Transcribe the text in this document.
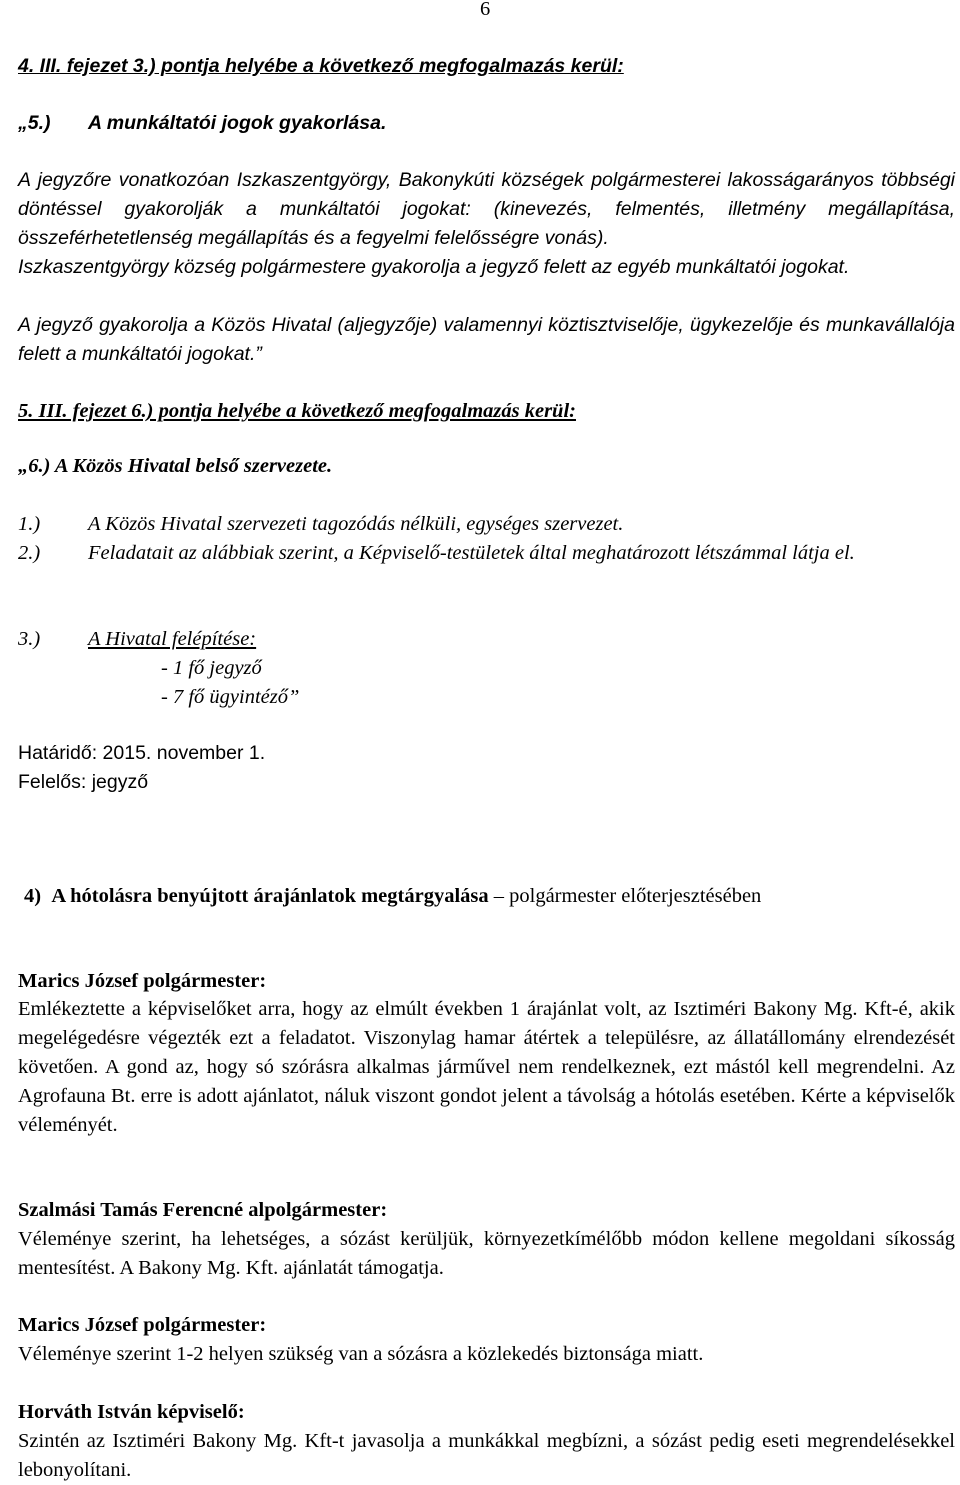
6
4. III. fejezet 3.) pontja helyébe a következő megfogalmazás kerül:
„5.) A munkáltatói jogok gyakorlása.

A jegyzőre vonatkozóan Iszkaszentgyörgy, Bakonykúti községek polgármesterei lakosságarányos többségi döntéssel gyakorolják a munkáltatói jogokat: (kinevezés, felmentés, illetmény megállapítása, összeférhetetlenség megállapítás és a fegyelmi felelősségre vonás).

Iszkaszentgyörgy község polgármestere gyakorolja a jegyző felett az egyéb munkáltatói jogokat.

A jegyző gyakorolja a Közös Hivatal (aljegyzője) valamennyi köztisztviselője, ügykezelője és munkavállalója felett a munkáltatói jogokat.”

5. III. fejezet 6.) pontja helyébe a következő megfogalmazás kerül:
„6.) A Közös Hivatal belső szervezete.
1.) A Közös Hivatal szervezeti tagozódás nélküli, egységes szervezet.
2.) Feladatait az alábbiak szerint, a Képviselő-testületek által meghatározott létszámmal látja el.
3.) A Hivatal felépítése:
- 1 fő jegyző
- 7 fő ügyintéző”
Határidő: 2015. november 1.
Felelős: jegyző
4) A hótolásra benyújtott árajánlatok megtárgyalása – polgármester előterjesztésében
Marics József polgármester:

Emlékeztette a képviselőket arra, hogy az elmúlt években 1 árajánlat volt, az Isztiméri Bakony Mg. Kft-é, akik megelégedésre végezték ezt a feladatot. Viszonylag hamar átértek a településre, az állatállomány elrendezését követően. A gond az, hogy só szórásra alkalmas járművel nem rendelkeznek, ezt mástól kell megrendelni. Az Agrofauna Bt. erre is adott ajánlatot, náluk viszont gondot jelent a távolság a hótolás esetében. Kérte a képviselők véleményét.

Szalmási Tamás Ferencné alpolgármester:

Véleménye szerint, ha lehetséges, a sózást kerüljük, környezetkímélőbb módon kellene megoldani síkosság mentesítést. A Bakony Mg. Kft. ajánlatát támogatja.

Marics József polgármester:

Véleménye szerint 1-2 helyen szükség van a sózásra a közlekedés biztonsága miatt.

Horváth István képviselő:

Szintén az Isztiméri Bakony Mg. Kft-t javasolja a munkákkal megbízni, a sózást pedig eseti megrendelésekkel lebonyolítani.
